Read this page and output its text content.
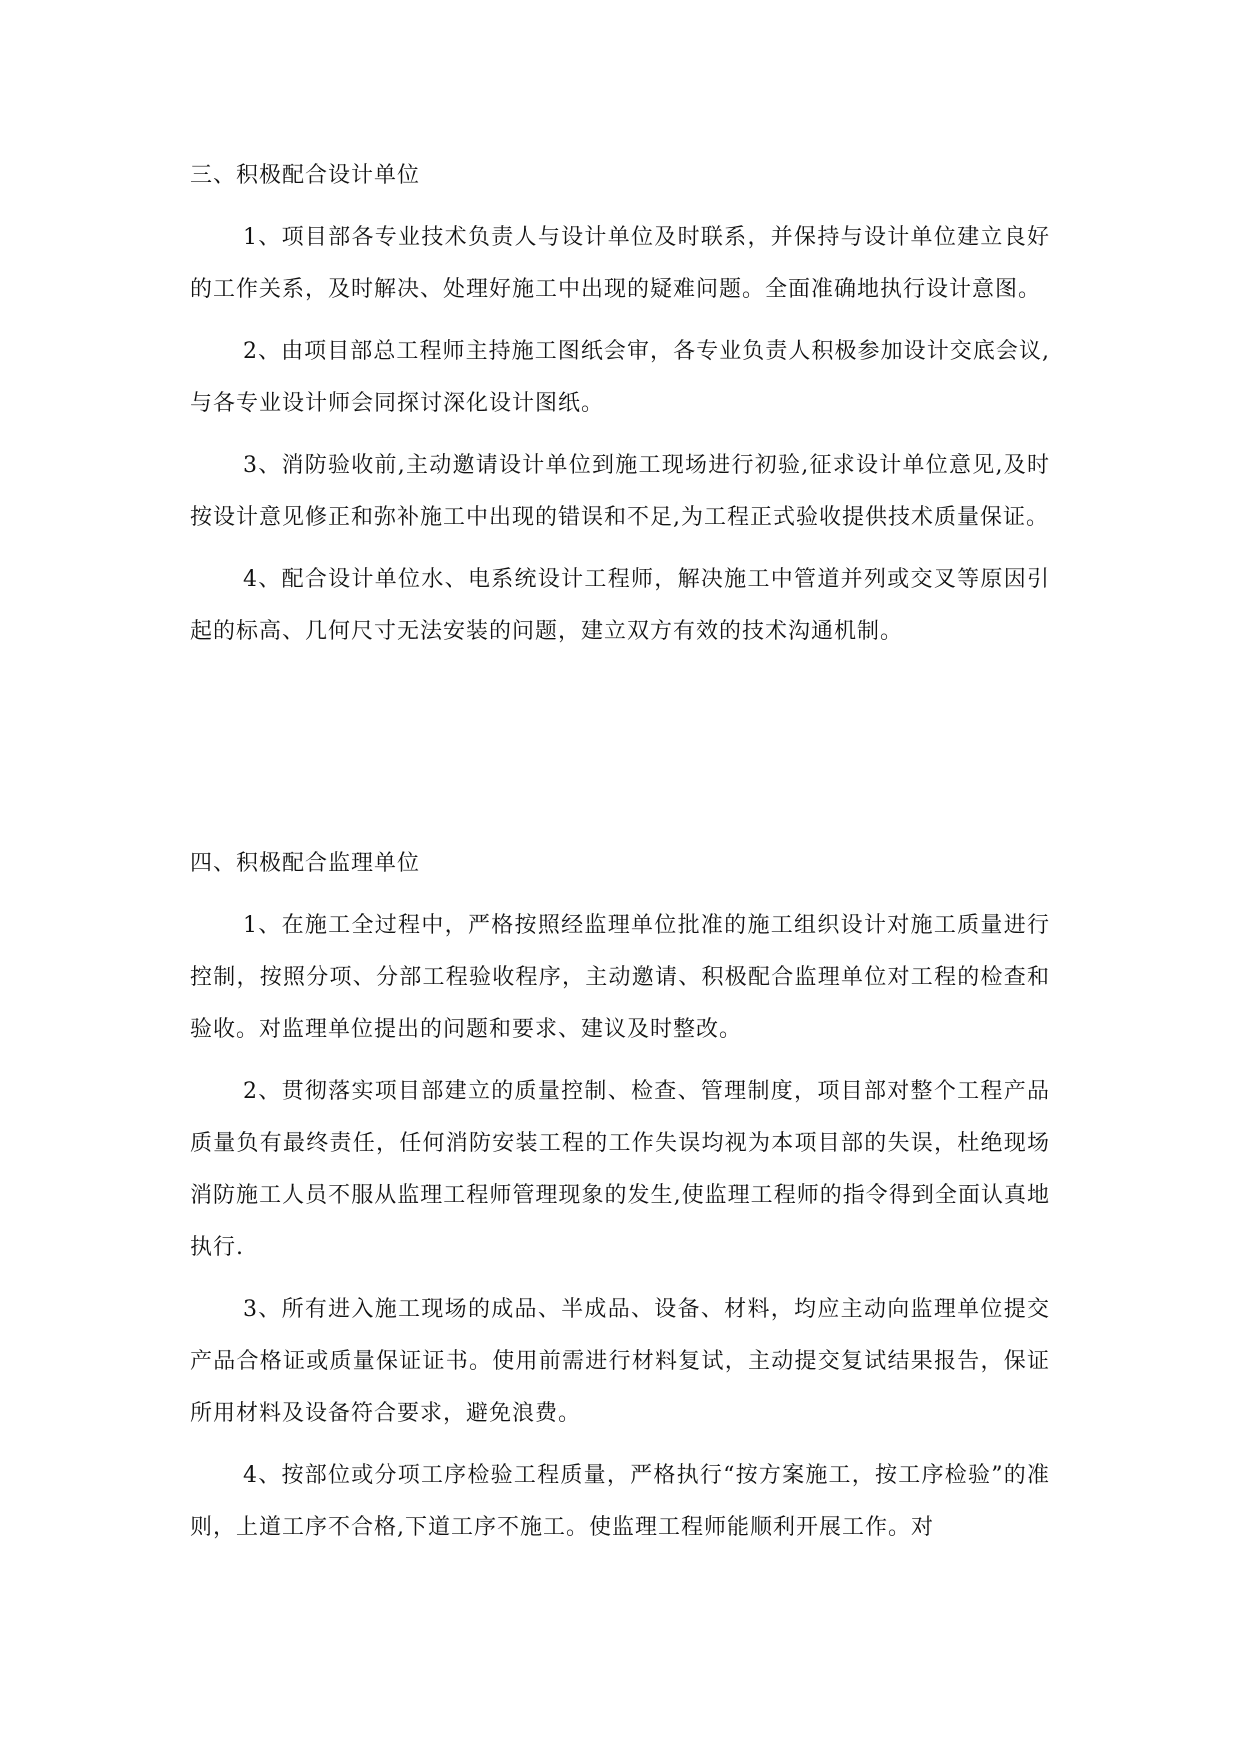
三、积极配合设计单位

1、项目部各专业技术负责人与设计单位及时联系，并保持与设计单位建立良好的工作关系，及时解决、处理好施工中出现的疑难问题。全面准确地执行设计意图。

2、由项目部总工程师主持施工图纸会审，各专业负责人积极参加设计交底会议,与各专业设计师会同探讨深化设计图纸。

3、消防验收前,主动邀请设计单位到施工现场进行初验,征求设计单位意见,及时按设计意见修正和弥补施工中出现的错误和不足,为工程正式验收提供技术质量保证。

4、配合设计单位水、电系统设计工程师，解决施工中管道并列或交叉等原因引起的标高、几何尺寸无法安装的问题，建立双方有效的技术沟通机制。

四、积极配合监理单位

1、在施工全过程中，严格按照经监理单位批准的施工组织设计对施工质量进行控制，按照分项、分部工程验收程序，主动邀请、积极配合监理单位对工程的检查和验收。对监理单位提出的问题和要求、建议及时整改。

2、贯彻落实项目部建立的质量控制、检查、管理制度，项目部对整个工程产品质量负有最终责任，任何消防安装工程的工作失误均视为本项目部的失误，杜绝现场消防施工人员不服从监理工程师管理现象的发生,使监理工程师的指令得到全面认真地执行.

3、所有进入施工现场的成品、半成品、设备、材料，均应主动向监理单位提交产品合格证或质量保证证书。使用前需进行材料复试，主动提交复试结果报告，保证所用材料及设备符合要求，避免浪费。

4、按部位或分项工序检验工程质量，严格执行“按方案施工，按工序检验”的准则，上道工序不合格,下道工序不施工。使监理工程师能顺利开展工作。对
